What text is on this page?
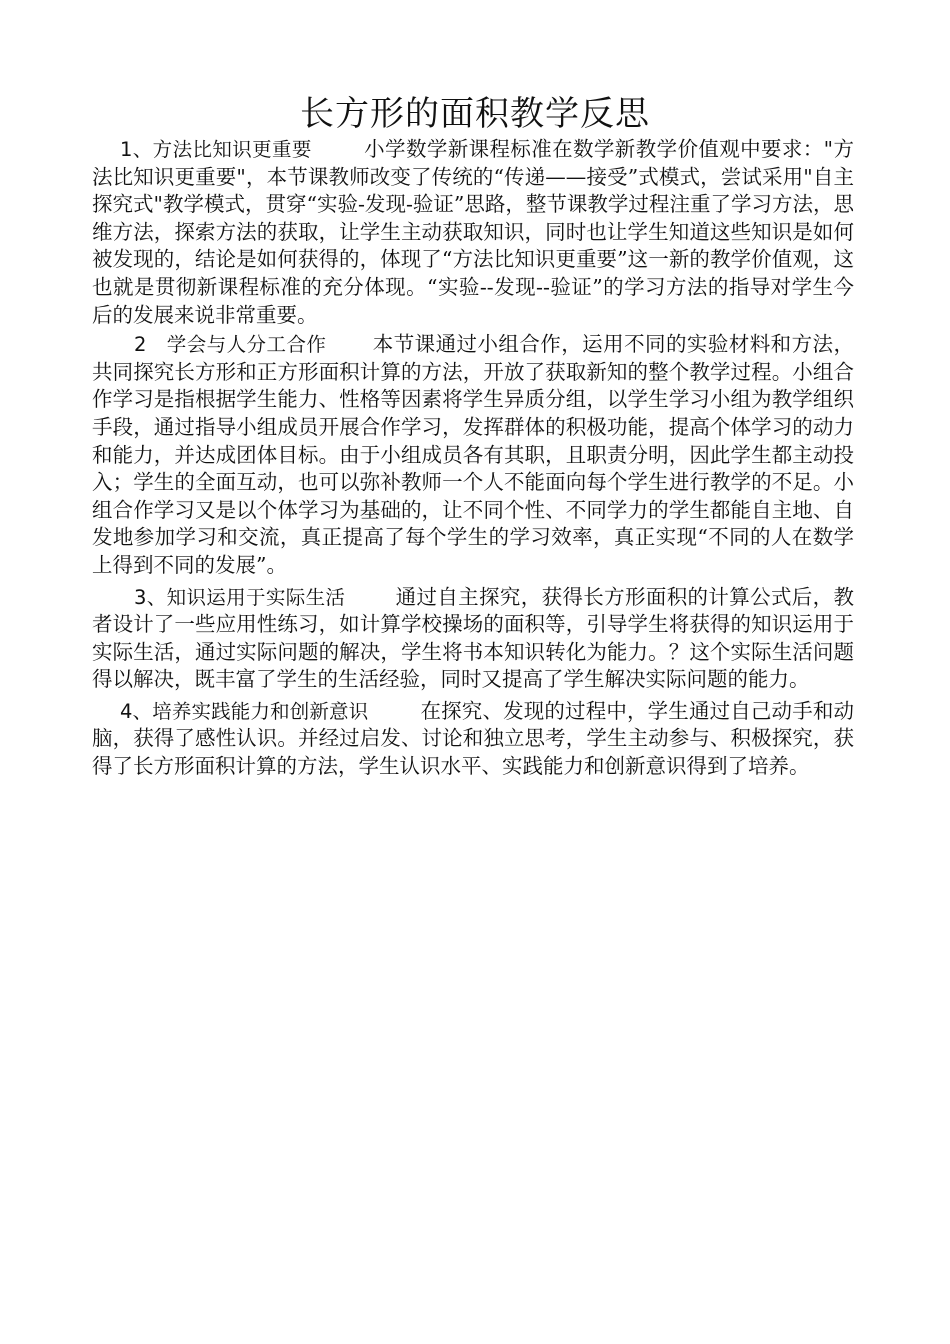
长方形的面积教学反思

1、方法比知识更重要	小学数学新课程标准在数学新教学价值观中要求："方法比知识更重要"，本节课教师改变了传统的“传递——接受”式模式，尝试采用"自主探究式"教学模式，贯穿“实验-发现-验证”思路，整节课教学过程注重了学习方法，思维方法，探索方法的获取，让学生主动获取知识，同时也让学生知道这些知识是如何被发现的，结论是如何获得的，体现了“方法比知识更重要”这一新的教学价值观，这也就是贯彻新课程标准的充分体现。“实验--发现--验证”的学习方法的指导对学生今后的发展来说非常重要。

2　学会与人分工合作 本节课通过小组合作，运用不同的实验材料和方法，共同探究长方形和正方形面积计算的方法，开放了获取新知的整个教学过程。小组合作学习是指根据学生能力、性格等因素将学生异质分组，以学生学习小组为教学组织手段，通过指导小组成员开展合作学习，发挥群体的积极功能，提高个体学习的动力和能力，并达成团体目标。由于小组成员各有其职，且职责分明，因此学生都主动投入；学生的全面互动，也可以弥补教师一个人不能面向每个学生进行教学的不足。小组合作学习又是以个体学习为基础的，让不同个性、不同学力的学生都能自主地、自发地参加学习和交流，真正提高了每个学生的学习效率，真正实现“不同的人在数学上得到不同的发展”。

3、知识运用于实际生活 通过自主探究，获得长方形面积的计算公式后，教者设计了一些应用性练习，如计算学校操场的面积等，引导学生将获得的知识运用于实际生活，通过实际问题的解决，学生将书本知识转化为能力。？这个实际生活问题得以解决，既丰富了学生的生活经验，同时又提高了学生解决实际问题的能力。

4、培养实践能力和创新意识	在探究、发现的过程中，学生通过自己动手和动脑，获得了感性认识。并经过启发、讨论和独立思考，学生主动参与、积极探究，获得了长方形面积计算的方法，学生认识水平、实践能力和创新意识得到了培养。
